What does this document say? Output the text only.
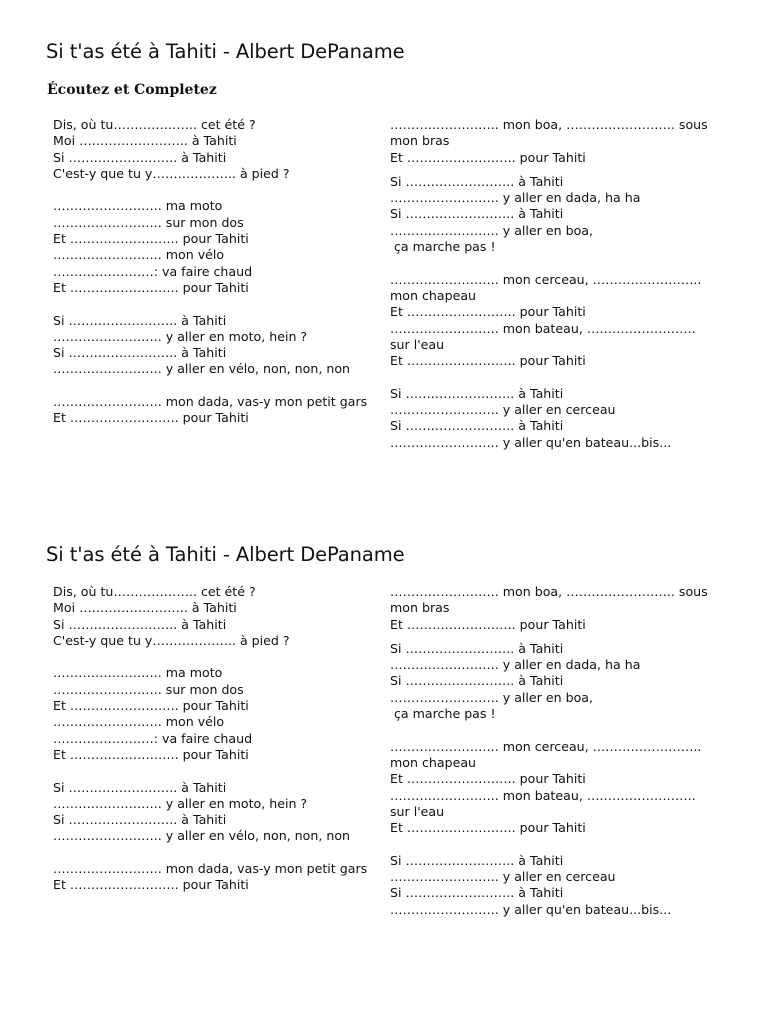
Si t'as été à Tahiti - Albert DePaname
Écoutez et Completez
Dis, où tu……………….. cet été ?
Moi …………………….. à Tahiti
Si …………………….. à Tahiti
C'est-y que tu y……………….. à pied ?
…………………….. ma moto
…………………….. sur mon dos
Et …………………….. pour Tahiti
…………………….. mon vélo
……………………: va faire chaud
Et …………………….. pour Tahiti
Si …………………….. à Tahiti
…………………….. y aller en moto, hein ?
Si …………………….. à Tahiti
…………………….. y aller en vélo, non, non, non
…………………….. mon dada, vas-y mon petit gars
Et …………………….. pour Tahiti
…………………….. mon boa, …………………….. sous mon bras
Et …………………….. pour Tahiti
Si …………………….. à Tahiti
…………………….. y aller en dada, ha ha
Si …………………….. à Tahiti
…………………….. y aller en boa,
ça marche pas !
…………………….. mon cerceau, …………………….. mon chapeau
Et …………………….. pour Tahiti
…………………….. mon bateau, …………………….. sur l'eau
Et …………………….. pour Tahiti
Si …………………….. à Tahiti
…………………….. y aller en cerceau
Si …………………….. à Tahiti
…………………….. y aller qu'en bateau...bis...
Si t'as été à Tahiti - Albert DePaname
Dis, où tu……………….. cet été ?
Moi …………………….. à Tahiti
Si …………………….. à Tahiti
C'est-y que tu y……………….. à pied ?
…………………….. ma moto
…………………….. sur mon dos
Et …………………….. pour Tahiti
…………………….. mon vélo
……………………: va faire chaud
Et …………………….. pour Tahiti
Si …………………….. à Tahiti
…………………….. y aller en moto, hein ?
Si …………………….. à Tahiti
…………………….. y aller en vélo, non, non, non
…………………….. mon dada, vas-y mon petit gars
Et …………………….. pour Tahiti
…………………….. mon boa, …………………….. sous mon bras
Et …………………….. pour Tahiti
Si …………………….. à Tahiti
…………………….. y aller en dada, ha ha
Si …………………….. à Tahiti
…………………….. y aller en boa,
ça marche pas !
…………………….. mon cerceau, …………………….. mon chapeau
Et …………………….. pour Tahiti
…………………….. mon bateau, …………………….. sur l'eau
Et …………………….. pour Tahiti
Si …………………….. à Tahiti
…………………….. y aller en cerceau
Si …………………….. à Tahiti
…………………….. y aller qu'en bateau...bis...
